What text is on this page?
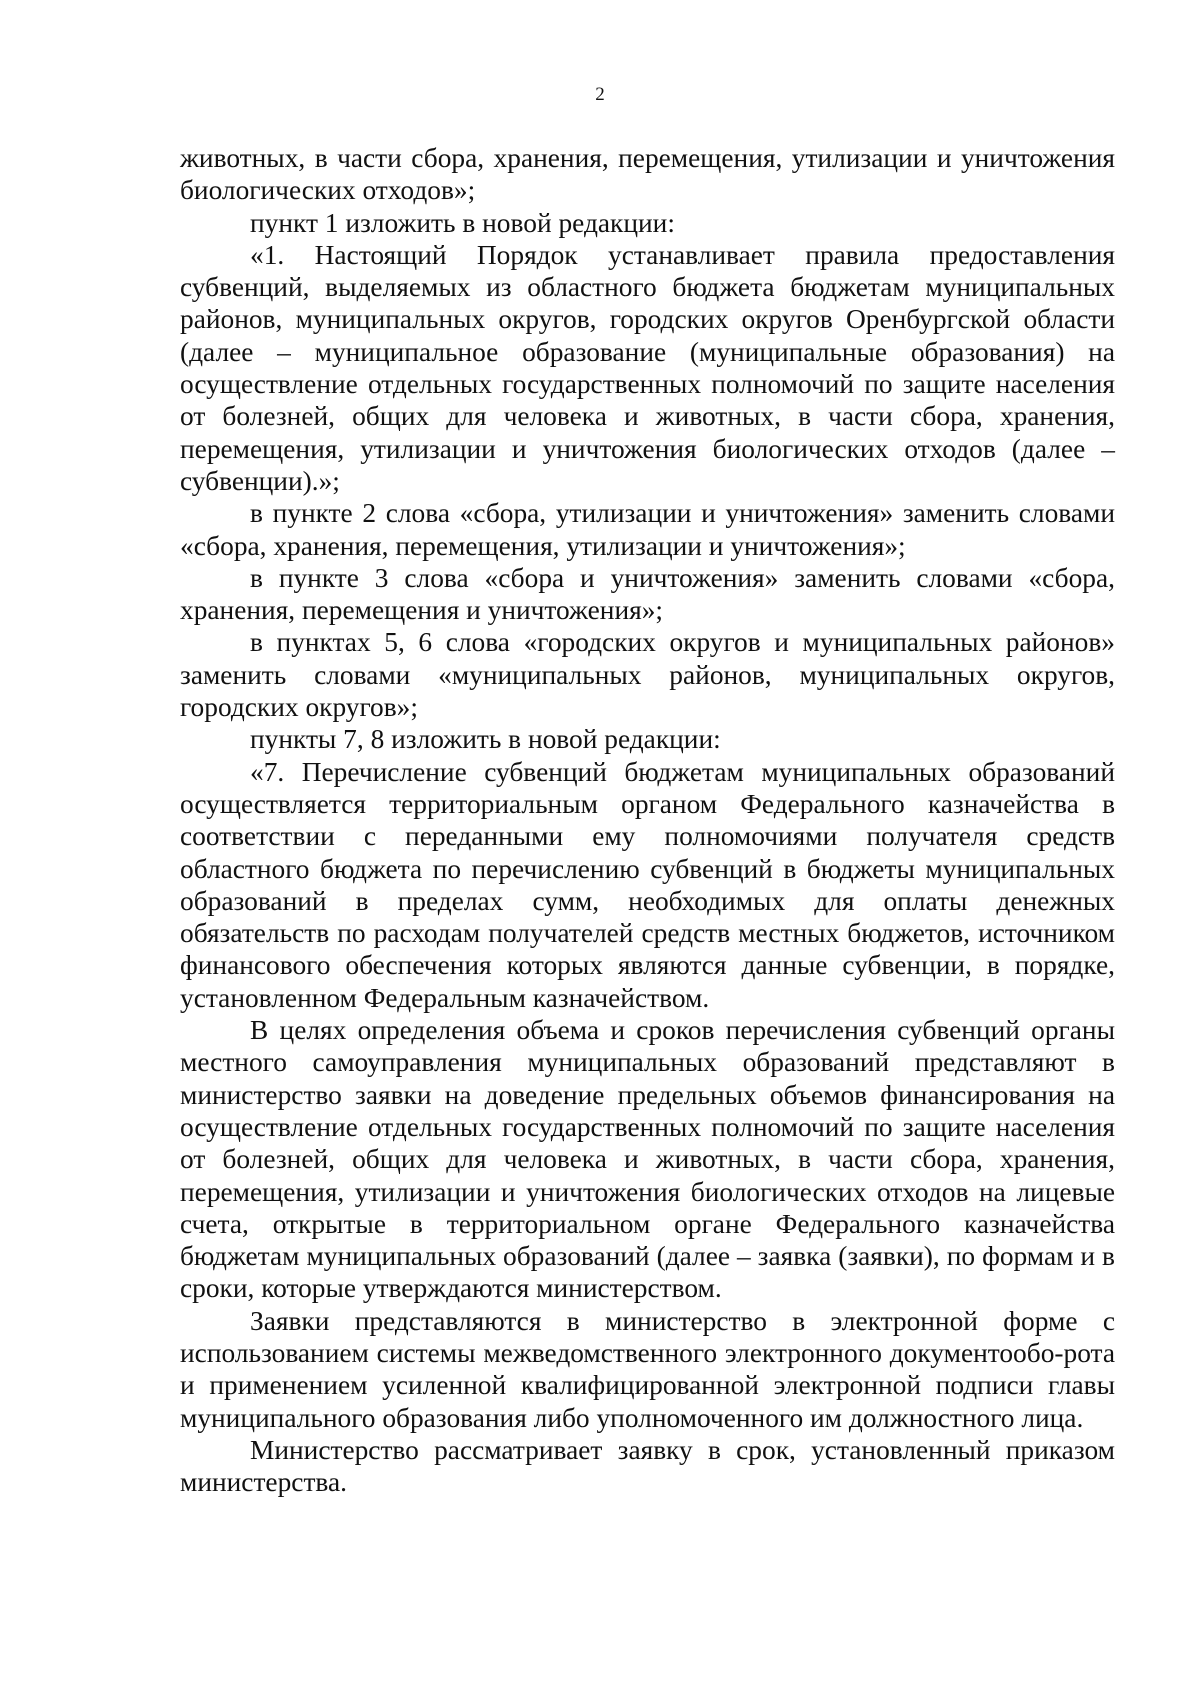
2

животных, в части сбора, хранения, перемещения, утилизации и уничтожения биологических отходов»;

пункт 1 изложить в новой редакции:

«1. Настоящий Порядок устанавливает правила предоставления субвенций, выделяемых из областного бюджета бюджетам муниципальных районов, муниципальных округов, городских округов Оренбургской области (далее – муниципальное образование (муниципальные образования) на осуществление отдельных государственных полномочий по защите населения от болезней, общих для человека и животных, в части сбора, хранения, перемещения, утилизации и уничтожения биологических отходов (далее – субвенции).»;

в пункте 2 слова «сбора, утилизации и уничтожения» заменить словами «сбора, хранения, перемещения, утилизации и уничтожения»;

в пункте 3 слова «сбора и уничтожения» заменить словами «сбора, хранения, перемещения и уничтожения»;

в пунктах 5, 6 слова «городских округов и муниципальных районов» заменить словами «муниципальных районов, муниципальных округов, городских округов»;

пункты 7, 8 изложить в новой редакции:

«7. Перечисление субвенций бюджетам муниципальных образований осуществляется территориальным органом Федерального казначейства в соответствии с переданными ему полномочиями получателя средств областного бюджета по перечислению субвенций в бюджеты муниципальных образований в пределах сумм, необходимых для оплаты денежных обязательств по расходам получателей средств местных бюджетов, источником финансового обеспечения которых являются данные субвенции, в порядке, установленном Федеральным казначейством.

В целях определения объема и сроков перечисления субвенций органы местного самоуправления муниципальных образований представляют в министерство заявки на доведение предельных объемов финансирования на осуществление отдельных государственных полномочий по защите населения от болезней, общих для человека и животных, в части сбора, хранения, перемещения, утилизации и уничтожения биологических отходов на лицевые счета, открытые в территориальном органе Федерального казначейства бюджетам муниципальных образований (далее – заявка (заявки), по формам и в сроки, которые утверждаются министерством.

Заявки представляются в министерство в электронной форме с использованием системы межведомственного электронного документообо-рота и применением усиленной квалифицированной электронной подписи главы муниципального образования либо уполномоченного им должностного лица.

Министерство рассматривает заявку в срок, установленный приказом министерства.
